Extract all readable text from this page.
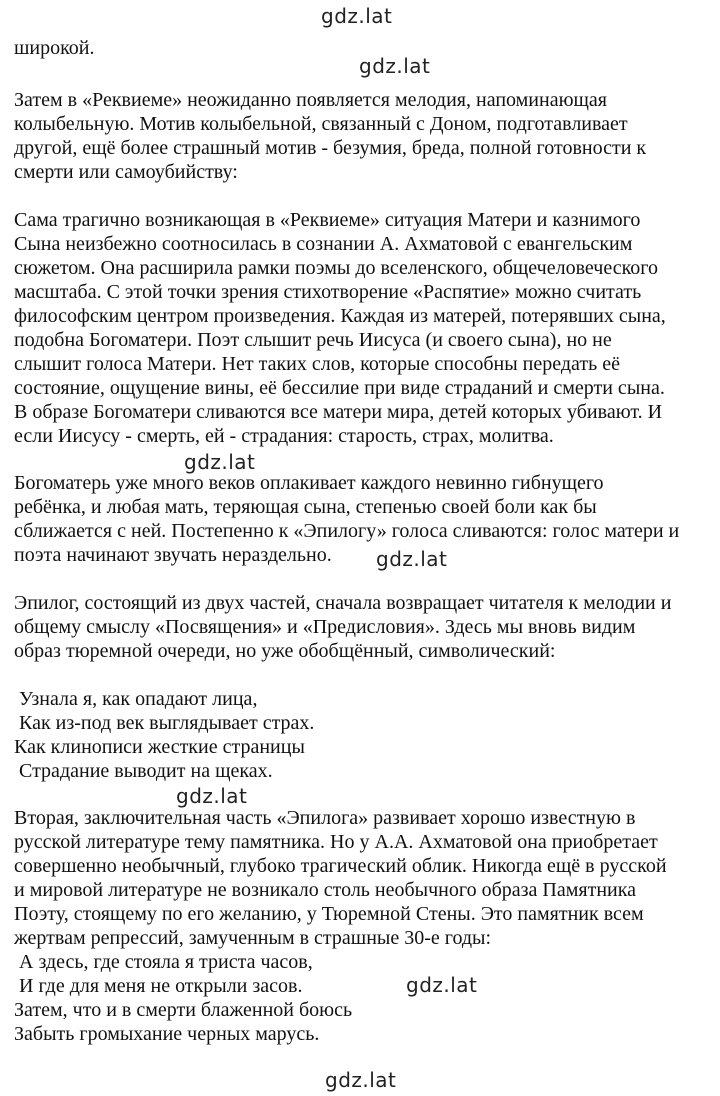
gdz.lat
gdz.lat
gdz.lat
gdz.lat
gdz.lat
gdz.lat
gdz.lat

широкой.

Затем в «Реквиеме» неожиданно появляется мелодия, напоминающая
колыбельную. Мотив колыбельной, связанный с Доном, подготавливает
другой, ещё более страшный мотив - безумия, бреда, полной готовности к
смерти или самоубийству:

Сама трагично возникающая в «Реквиеме» ситуация Матери и казнимого
Сына неизбежно соотносилась в сознании А. Ахматовой с евангельским
сюжетом. Она расширила рамки поэмы до вселенского, общечеловеческого
масштаба. С этой точки зрения стихотворение «Распятие» можно считать
философским центром произведения. Каждая из матерей, потерявших сына,
подобна Богоматери. Поэт слышит речь Иисуса (и своего сына), но не
слышит голоса Матери. Нет таких слов, которые способны передать её
состояние, ощущение вины, её бессилие при виде страданий и смерти сына.
В образе Богоматери сливаются все матери мира, детей которых убивают. И
если Иисусу - смерть, ей - страдания: старость, страх, молитва.

Богоматерь уже много веков оплакивает каждого невинно гибнущего
ребёнка, и любая мать, теряющая сына, степенью своей боли как бы
сближается с ней. Постепенно к «Эпилогу» голоса сливаются: голос матери и
поэта начинают звучать нераздельно.

Эпилог, состоящий из двух частей, сначала возвращает читателя к мелодии и
общему смыслу «Посвящения» и «Предисловия». Здесь мы вновь видим
образ тюремной очереди, но уже обобщённый, символический:

Узнала я, как опадают лица,
Как из-под век выглядывает страх.
Как клинописи жесткие страницы
Страдание выводит на щеках.

Вторая, заключительная часть «Эпилога» развивает хорошо известную в
русской литературе тему памятника. Но у А.А. Ахматовой она приобретает
совершенно необычный, глубоко трагический облик. Никогда ещё в русской
и мировой литературе не возникало столь необычного образа Памятника
Поэту, стоящему по его желанию, у Тюремной Стены. Это памятник всем
жертвам репрессий, замученным в страшные 30-е годы:
А здесь, где стояла я триста часов,
И где для меня не открыли засов.
Затем, что и в смерти блаженной боюсь
Забыть громыхание черных марусь.
